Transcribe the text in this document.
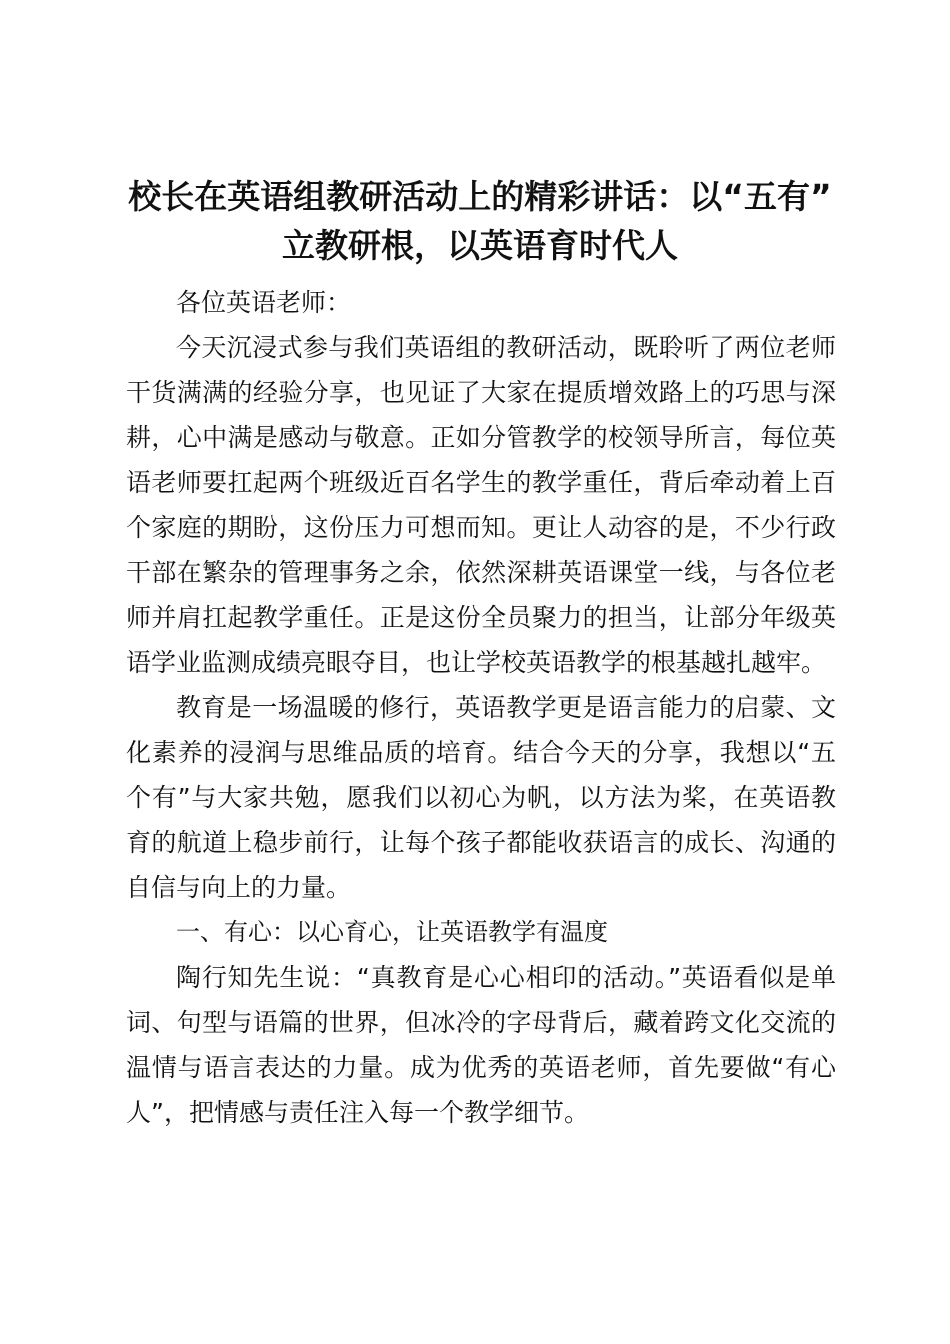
校长在英语组教研活动上的精彩讲话：以“五有” 立教研根，以英语育时代人

各位英语老师：

今天沉浸式参与我们英语组的教研活动，既聆听了两位老师干货满满的经验分享，也见证了大家在提质增效路上的巧思与深耕，心中满是感动与敬意。正如分管教学的校领导所言，每位英语老师要扛起两个班级近百名学生的教学重任，背后牵动着上百个家庭的期盼，这份压力可想而知。更让人动容的是，不少行政干部在繁杂的管理事务之余，依然深耕英语课堂一线，与各位老师并肩扛起教学重任。正是这份全员聚力的担当，让部分年级英语学业监测成绩亮眼夺目，也让学校英语教学的根基越扎越牢。

教育是一场温暖的修行，英语教学更是语言能力的启蒙、文化素养的浸润与思维品质的培育。结合今天的分享，我想以“五个有”与大家共勉，愿我们以初心为帆，以方法为桨，在英语教育的航道上稳步前行，让每个孩子都能收获语言的成长、沟通的自信与向上的力量。

一、有心：以心育心，让英语教学有温度

陶行知先生说：“真教育是心心相印的活动。”英语看似是单词、句型与语篇的世界，但冰冷的字母背后，藏着跨文化交流的温情与语言表达的力量。成为优秀的英语老师，首先要做“有心人”，把情感与责任注入每一个教学细节。
